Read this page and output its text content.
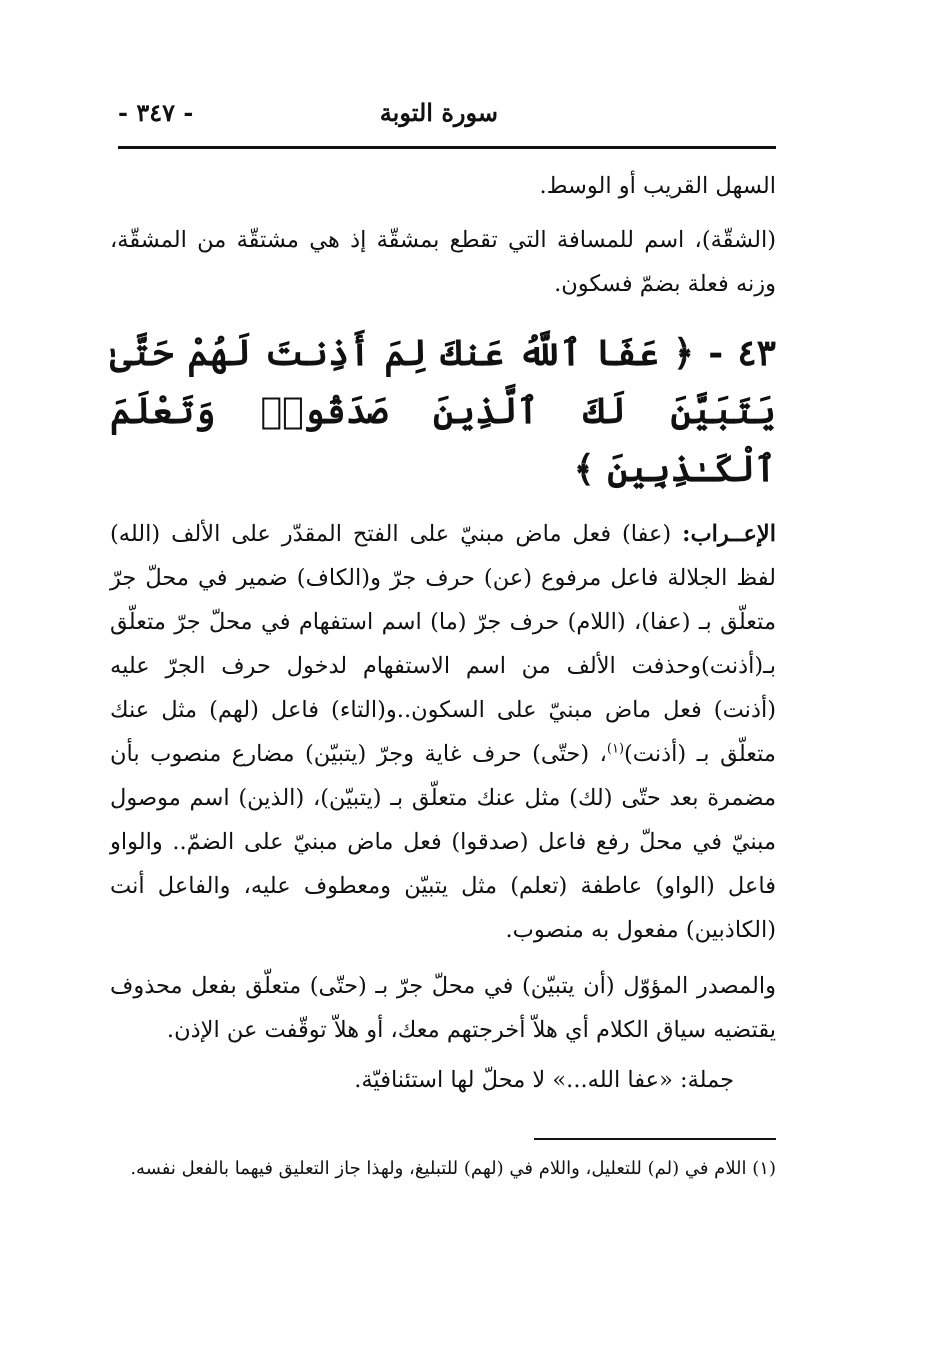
سورة التوبة
- ٣٤٧ -

السهل القريب أو الوسط.

(الشقّة)، اسم للمسافة التي تقطع بمشقّة إذ هي مشتقّة من المشقّة، وزنه فعلة بضمّ فسكون.

٤٣ - ﴿ عَفَا ٱللَّهُ عَنكَ لِمَ أَذِنتَ لَهُمْ حَتَّىٰ يَتَبَيَّنَ لَكَ ٱلَّذِينَ صَدَقُوا۟ وَتَعْلَمَ ٱلْكَـٰذِبِينَ ﴾

الإعــراب: (عفا) فعل ماض مبنيّ على الفتح المقدّر على الألف (الله) لفظ الجلالة فاعل مرفوع (عن) حرف جرّ و(الكاف) ضمير في محلّ جرّ متعلّق بـ (عفا)، (اللام) حرف جرّ (ما) اسم استفهام في محلّ جرّ متعلّق بـ(أذنت)وحذفت الألف من اسم الاستفهام لدخول حرف الجرّ عليه (أذنت) فعل ماض مبنيّ على السكون..و(التاء) فاعل (لهم) مثل عنك متعلّق بـ (أذنت)$^{(١)}$، (حتّى) حرف غاية وجرّ (يتبيّن) مضارع منصوب بأن مضمرة بعد حتّى (لك) مثل عنك متعلّق بـ (يتبيّن)، (الذين) اسم موصول مبنيّ في محلّ رفع فاعل (صدقوا) فعل ماض مبنيّ على الضمّ.. والواو فاعل (الواو) عاطفة (تعلم) مثل يتبيّن ومعطوف عليه، والفاعل أنت (الكاذبين) مفعول به منصوب.

والمصدر المؤوّل (أن يتبيّن) في محلّ جرّ بـ (حتّى) متعلّق بفعل محذوف يقتضيه سياق الكلام أي هلاّ أخرجتهم معك، أو هلاّ توقّفت عن الإذن.

جملة: «عفا الله...» لا محلّ لها استئنافيّة.

(١) اللام في (لم) للتعليل، واللام في (لهم) للتبليغ، ولهذا جاز التعليق فيهما بالفعل نفسه.
